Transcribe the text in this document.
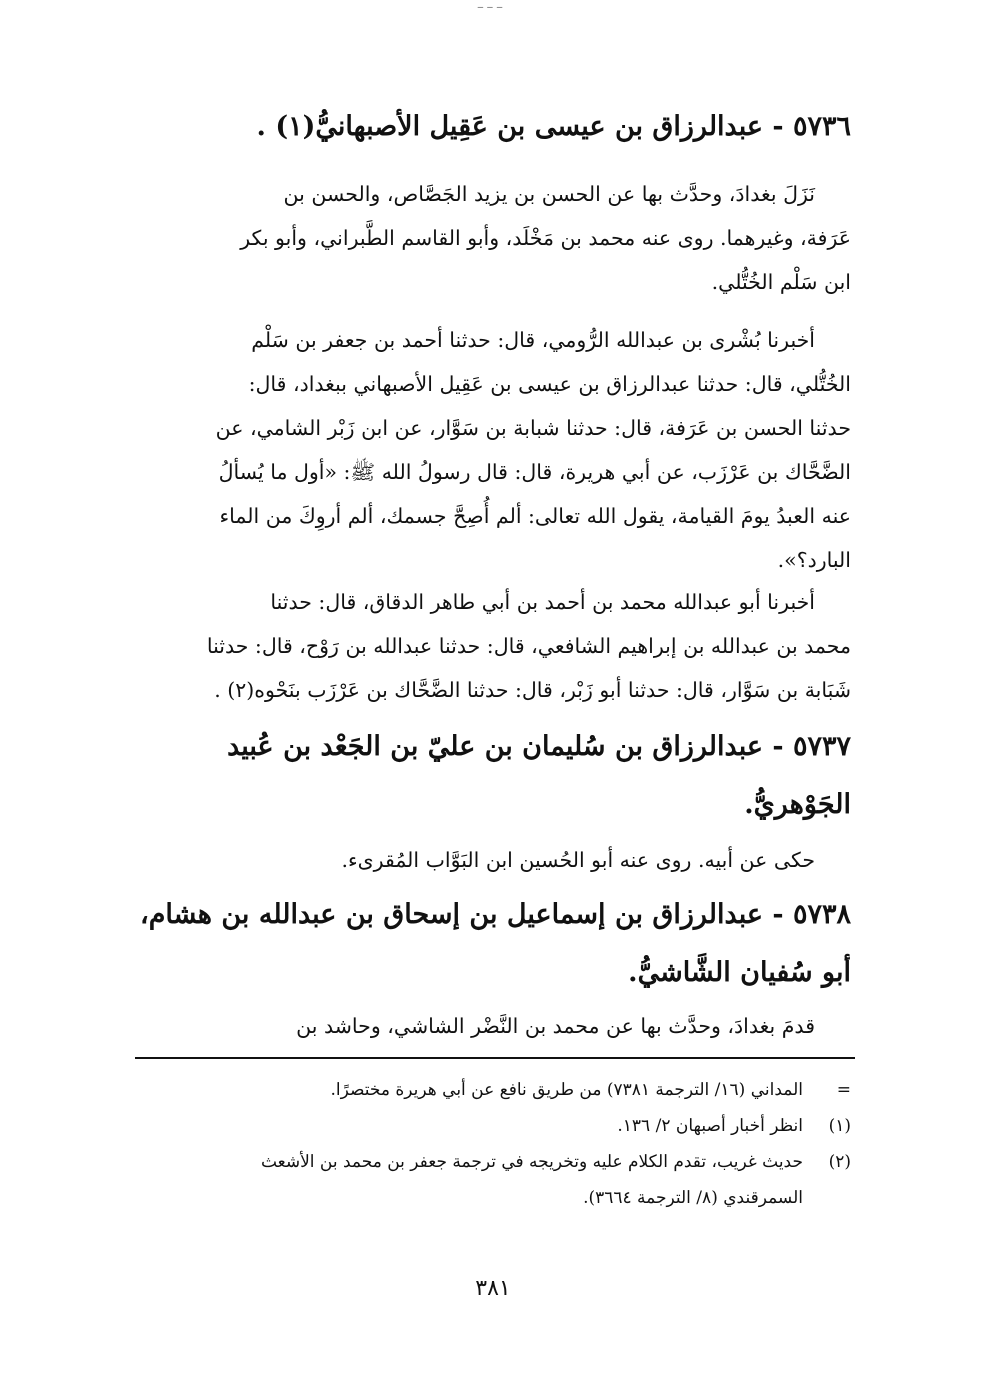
‒ ‒ ‒
٥٧٣٦ - عبدالرزاق بن عيسى بن عَقِيل الأصبهانيُّ(١) .
نَزَلَ بغدادَ، وحدَّث بها عن الحسن بن يزيد الجَصَّاص، والحسن بن
عَرَفة، وغيرهما. روى عنه محمد بن مَخْلَد، وأبو القاسم الطَّبراني، وأبو بكر
ابن سَلْم الخُتُّلي.
أخبرنا بُشْرى بن عبدالله الرُّومي، قال: حدثنا أحمد بن جعفر بن سَلْم
الخُتُّلي، قال: حدثنا عبدالرزاق بن عيسى بن عَقِيل الأصبهاني ببغداد، قال:
حدثنا الحسن بن عَرَفة، قال: حدثنا شبابة بن سَوَّار، عن ابن زَبْر الشامي، عن
الضَّحَّاك بن عَرْزَب، عن أبي هريرة، قال: قال رسولُ الله ﷺ: «أول ما يُسألُ
عنه العبدُ يومَ القيامة، يقول الله تعالى: ألم أُصِحَّ جسمك، ألم أروِكَ من الماء
البارد؟».
أخبرنا أبو عبدالله محمد بن أحمد بن أبي طاهر الدقاق، قال: حدثنا
محمد بن عبدالله بن إبراهيم الشافعي، قال: حدثنا عبدالله بن رَوْح، قال: حدثنا
شَبَابة بن سَوَّار، قال: حدثنا أبو زَبْر، قال: حدثنا الضَّحَّاك بن عَرْزَب بنَحْوه(٢) .
٥٧٣٧ - عبدالرزاق بن سُليمان بن عليّ بن الجَعْد بن عُبيد
الجَوْهريُّ.
حكى عن أبيه. روى عنه أبو الحُسين ابن البَوَّاب المُقرىء.
٥٧٣٨ - عبدالرزاق بن إسماعيل بن إسحاق بن عبدالله بن هشام،
أبو سُفيان الشَّاشيُّ.
قدمَ بغدادَ، وحدَّث بها عن محمد بن النَّضْر الشاشي، وحاشد بن
=
المداني (١٦/ الترجمة ٧٣٨١) من طريق نافع عن أبي هريرة مختصرًا.
(١)
انظر أخبار أصبهان ٢/ ١٣٦.
(٢)
حديث غريب، تقدم الكلام عليه وتخريجه في ترجمة جعفر بن محمد بن الأشعث
السمرقندي (٨/ الترجمة ٣٦٦٤).
٣٨١
